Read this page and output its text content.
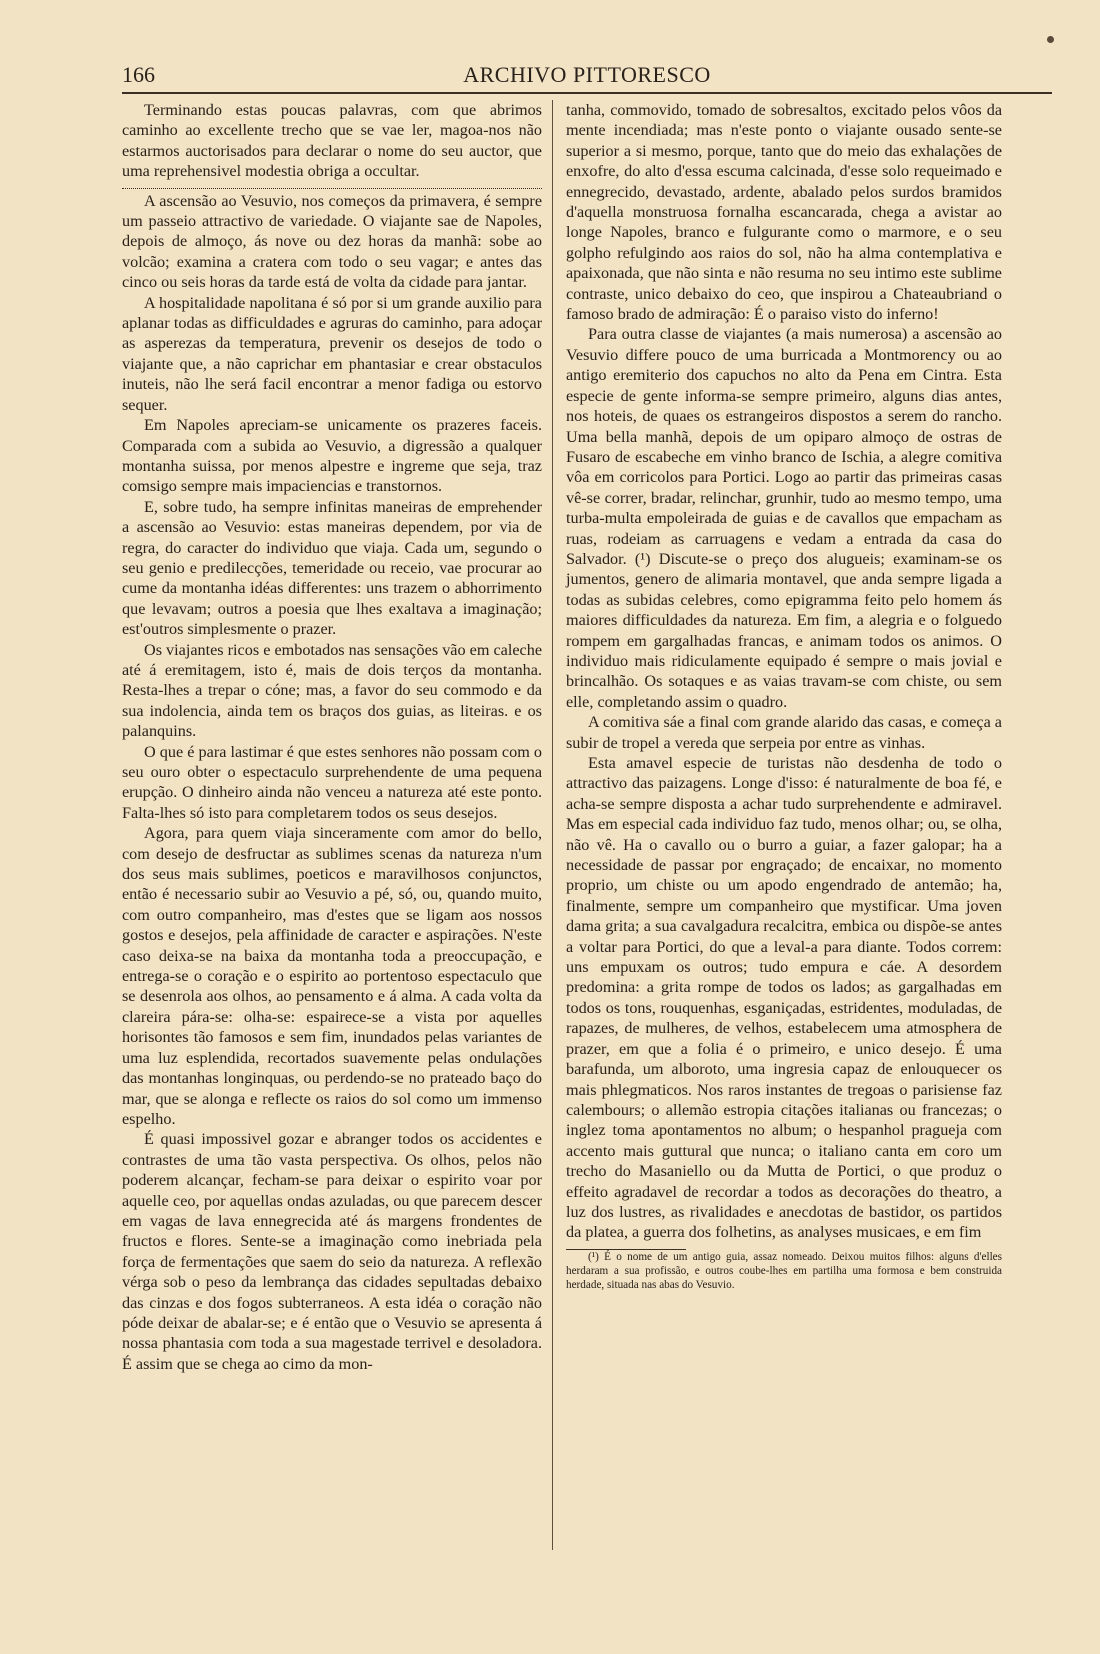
166	ARCHIVO PITTORESCO

Terminando estas poucas palavras, com que abrimos caminho ao excellente trecho que se vae ler, magoa-nos não estarmos auctorisados para declarar o nome do seu auctor, que uma reprehensivel modestia obriga a occultar.

A ascensão ao Vesuvio, nos começos da primavera, é sempre um passeio attractivo de variedade. O viajante sae de Napoles, depois de almoço, ás nove ou dez horas da manhã: sobe ao volcão; examina a cratera com todo o seu vagar; e antes das cinco ou seis horas da tarde está de volta da cidade para jantar.

A hospitalidade napolitana é só por si um grande auxilio para aplanar todas as difficuldades e agruras do caminho, para adoçar as asperezas da temperatura, prevenir os desejos de todo o viajante que, a não caprichar em phantasiar e crear obstaculos inuteis, não lhe será facil encontrar a menor fadiga ou estorvo sequer.

Em Napoles apreciam-se unicamente os prazeres faceis. Comparada com a subida ao Vesuvio, a digressão a qualquer montanha suissa, por menos alpestre e ingreme que seja, traz comsigo sempre mais impaciencias e transtornos.

E, sobre tudo, ha sempre infinitas maneiras de emprehender a ascensão ao Vesuvio: estas maneiras dependem, por via de regra, do caracter do individuo que viaja. Cada um, segundo o seu genio e predilecções, temeridade ou receio, vae procurar ao cume da montanha idéas differentes: uns trazem o abhorrimento que levavam; outros a poesia que lhes exaltava a imaginação; est'outros simplesmente o prazer.

Os viajantes ricos e embotados nas sensações vão em caleche até á eremitagem, isto é, mais de dois terços da montanha. Resta-lhes a trepar o cóne; mas, a favor do seu commodo e da sua indolencia, ainda tem os braços dos guias, as liteiras. e os palanquins.

O que é para lastimar é que estes senhores não possam com o seu ouro obter o espectaculo surprehendente de uma pequena erupção. O dinheiro ainda não venceu a natureza até este ponto. Falta-lhes só isto para completarem todos os seus desejos.

Agora, para quem viaja sinceramente com amor do bello, com desejo de desfructar as sublimes scenas da natureza n'um dos seus mais sublimes, poeticos e maravilhosos conjunctos, então é necessario subir ao Vesuvio a pé, só, ou, quando muito, com outro companheiro, mas d'estes que se ligam aos nossos gostos e desejos, pela affinidade de caracter e aspirações. N'este caso deixa-se na baixa da montanha toda a preoccupação, e entrega-se o coração e o espirito ao portentoso espectaculo que se desenrola aos olhos, ao pensamento e á alma. A cada volta da clareira pára-se: olha-se: espairece-se a vista por aquelles horisontes tão famosos e sem fim, inundados pelas variantes de uma luz esplendida, recortados suavemente pelas ondulações das montanhas longinquas, ou perdendo-se no prateado baço do mar, que se alonga e reflecte os raios do sol como um immenso espelho.

É quasi impossivel gozar e abranger todos os accidentes e contrastes de uma tão vasta perspectiva. Os olhos, pelos não poderem alcançar, fecham-se para deixar o espirito voar por aquelle ceo, por aquellas ondas azuladas, ou que parecem descer em vagas de lava ennegrecida até ás margens frondentes de fructos e flores. Sente-se a imaginação como inebriada pela força de fermentações que saem do seio da natureza. A reflexão vérga sob o peso da lembrança das cidades sepultadas debaixo das cinzas e dos fogos subterraneos. A esta idéa o coração não póde deixar de abalar-se; e é então que o Vesuvio se apresenta á nossa phantasia com toda a sua magestade terrivel e desoladora. É assim que se chega ao cimo da mon-

tanha, commovido, tomado de sobresaltos, excitado pelos vôos da mente incendiada; mas n'este ponto o viajante ousado sente-se superior a si mesmo, porque, tanto que do meio das exhalações de enxofre, do alto d'essa escuma calcinada, d'esse solo requeimado e ennegrecido, devastado, ardente, abalado pelos surdos bramidos d'aquella monstruosa fornalha escancarada, chega a avistar ao longe Napoles, branco e fulgurante como o marmore, e o seu golpho refulgindo aos raios do sol, não ha alma contemplativa e apaixonada, que não sinta e não resuma no seu intimo este sublime contraste, unico debaixo do ceo, que inspirou a Chateaubriand o famoso brado de admiração: É o paraiso visto do inferno!

Para outra classe de viajantes (a mais numerosa) a ascensão ao Vesuvio differe pouco de uma burricada a Montmorency ou ao antigo eremiterio dos capuchos no alto da Pena em Cintra. Esta especie de gente informa-se sempre primeiro, alguns dias antes, nos hoteis, de quaes os estrangeiros dispostos a serem do rancho. Uma bella manhã, depois de um opiparo almoço de ostras de Fusaro de escabeche em vinho branco de Ischia, a alegre comitiva vôa em corricolos para Portici. Logo ao partir das primeiras casas vê-se correr, bradar, relinchar, grunhir, tudo ao mesmo tempo, uma turba-multa empoleirada de guias e de cavallos que empacham as ruas, rodeiam as carruagens e vedam a entrada da casa do Salvador. (¹) Discute-se o preço dos alugueis; examinam-se os jumentos, genero de alimaria montavel, que anda sempre ligada a todas as subidas celebres, como epigramma feito pelo homem ás maiores difficuldades da natureza. Em fim, a alegria e o folguedo rompem em gargalhadas francas, e animam todos os animos. O individuo mais ridiculamente equipado é sempre o mais jovial e brincalhão. Os sotaques e as vaias travam-se com chiste, ou sem elle, completando assim o quadro.

A comitiva sáe a final com grande alarido das casas, e começa a subir de tropel a vereda que serpeia por entre as vinhas.

Esta amavel especie de turistas não desdenha de todo o attractivo das paizagens. Longe d'isso: é naturalmente de boa fé, e acha-se sempre disposta a achar tudo surprehendente e admiravel. Mas em especial cada individuo faz tudo, menos olhar; ou, se olha, não vê. Ha o cavallo ou o burro a guiar, a fazer galopar; ha a necessidade de passar por engraçado; de encaixar, no momento proprio, um chiste ou um apodo engendrado de antemão; ha, finalmente, sempre um companheiro que mystificar. Uma joven dama grita; a sua cavalgadura recalcitra, embica ou dispõe-se antes a voltar para Portici, do que a leval-a para diante. Todos correm: uns empuxam os outros; tudo empura e cáe. A desordem predomina: a grita rompe de todos os lados; as gargalhadas em todos os tons, rouquenhas, esganiçadas, estridentes, moduladas, de rapazes, de mulheres, de velhos, estabelecem uma atmosphera de prazer, em que a folia é o primeiro, e unico desejo. É uma barafunda, um alboroto, uma ingresia capaz de enlouquecer os mais phlegmaticos. Nos raros instantes de tregoas o parisiense faz calembours; o allemão estropia citações italianas ou francezas; o inglez toma apontamentos no album; o hespanhol pragueja com accento mais guttural que nunca; o italiano canta em coro um trecho do Masaniello ou da Mutta de Portici, o que produz o effeito agradavel de recordar a todos as decorações do theatro, a luz dos lustres, as rivalidades e anecdotas de bastidor, os partidos da platea, a guerra dos folhetins, as analyses musicaes, e em fim

(¹) É o nome de um antigo guia, assaz nomeado. Deixou muitos filhos: alguns d'elles herdaram a sua profissão, e outros coube-lhes em partilha uma formosa e bem construida herdade, situada nas abas do Vesuvio.
